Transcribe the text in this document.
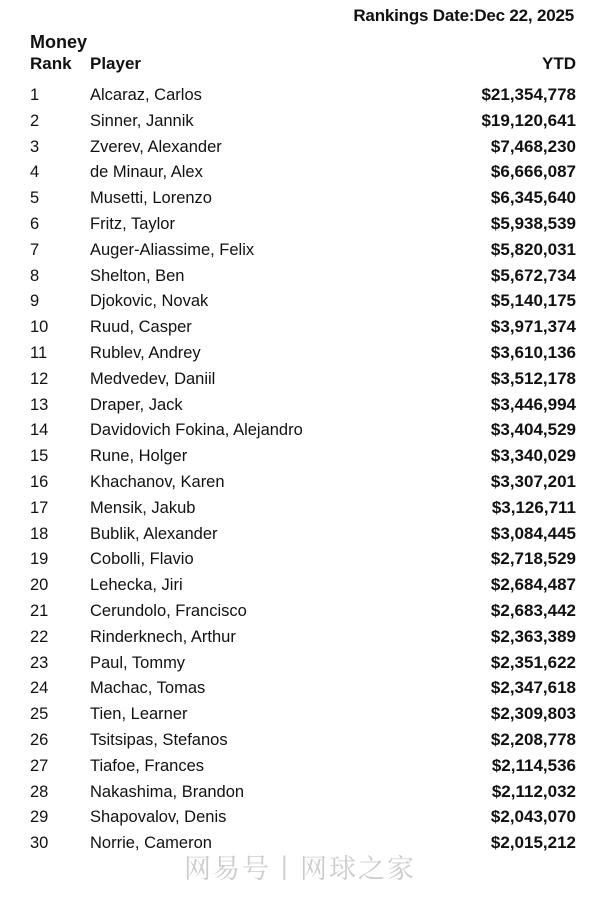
Rankings Date:Dec 22, 2025
Money
Rank	Player	YTD
1	Alcaraz, Carlos	$21,354,778
2	Sinner, Jannik	$19,120,641
3	Zverev, Alexander	$7,468,230
4	de Minaur, Alex	$6,666,087
5	Musetti, Lorenzo	$6,345,640
6	Fritz, Taylor	$5,938,539
7	Auger-Aliassime, Felix	$5,820,031
8	Shelton, Ben	$5,672,734
9	Djokovic, Novak	$5,140,175
10	Ruud, Casper	$3,971,374
11	Rublev, Andrey	$3,610,136
12	Medvedev, Daniil	$3,512,178
13	Draper, Jack	$3,446,994
14	Davidovich Fokina, Alejandro	$3,404,529
15	Rune, Holger	$3,340,029
16	Khachanov, Karen	$3,307,201
17	Mensik, Jakub	$3,126,711
18	Bublik, Alexander	$3,084,445
19	Cobolli, Flavio	$2,718,529
20	Lehecka, Jiri	$2,684,487
21	Cerundolo, Francisco	$2,683,442
22	Rinderknech, Arthur	$2,363,389
23	Paul, Tommy	$2,351,622
24	Machac, Tomas	$2,347,618
25	Tien, Learner	$2,309,803
26	Tsitsipas, Stefanos	$2,208,778
27	Tiafoe, Frances	$2,114,536
28	Nakashima, Brandon	$2,112,032
29	Shapovalov, Denis	$2,043,070
30	Norrie, Cameron	$2,015,212
网易号丨网球之家
